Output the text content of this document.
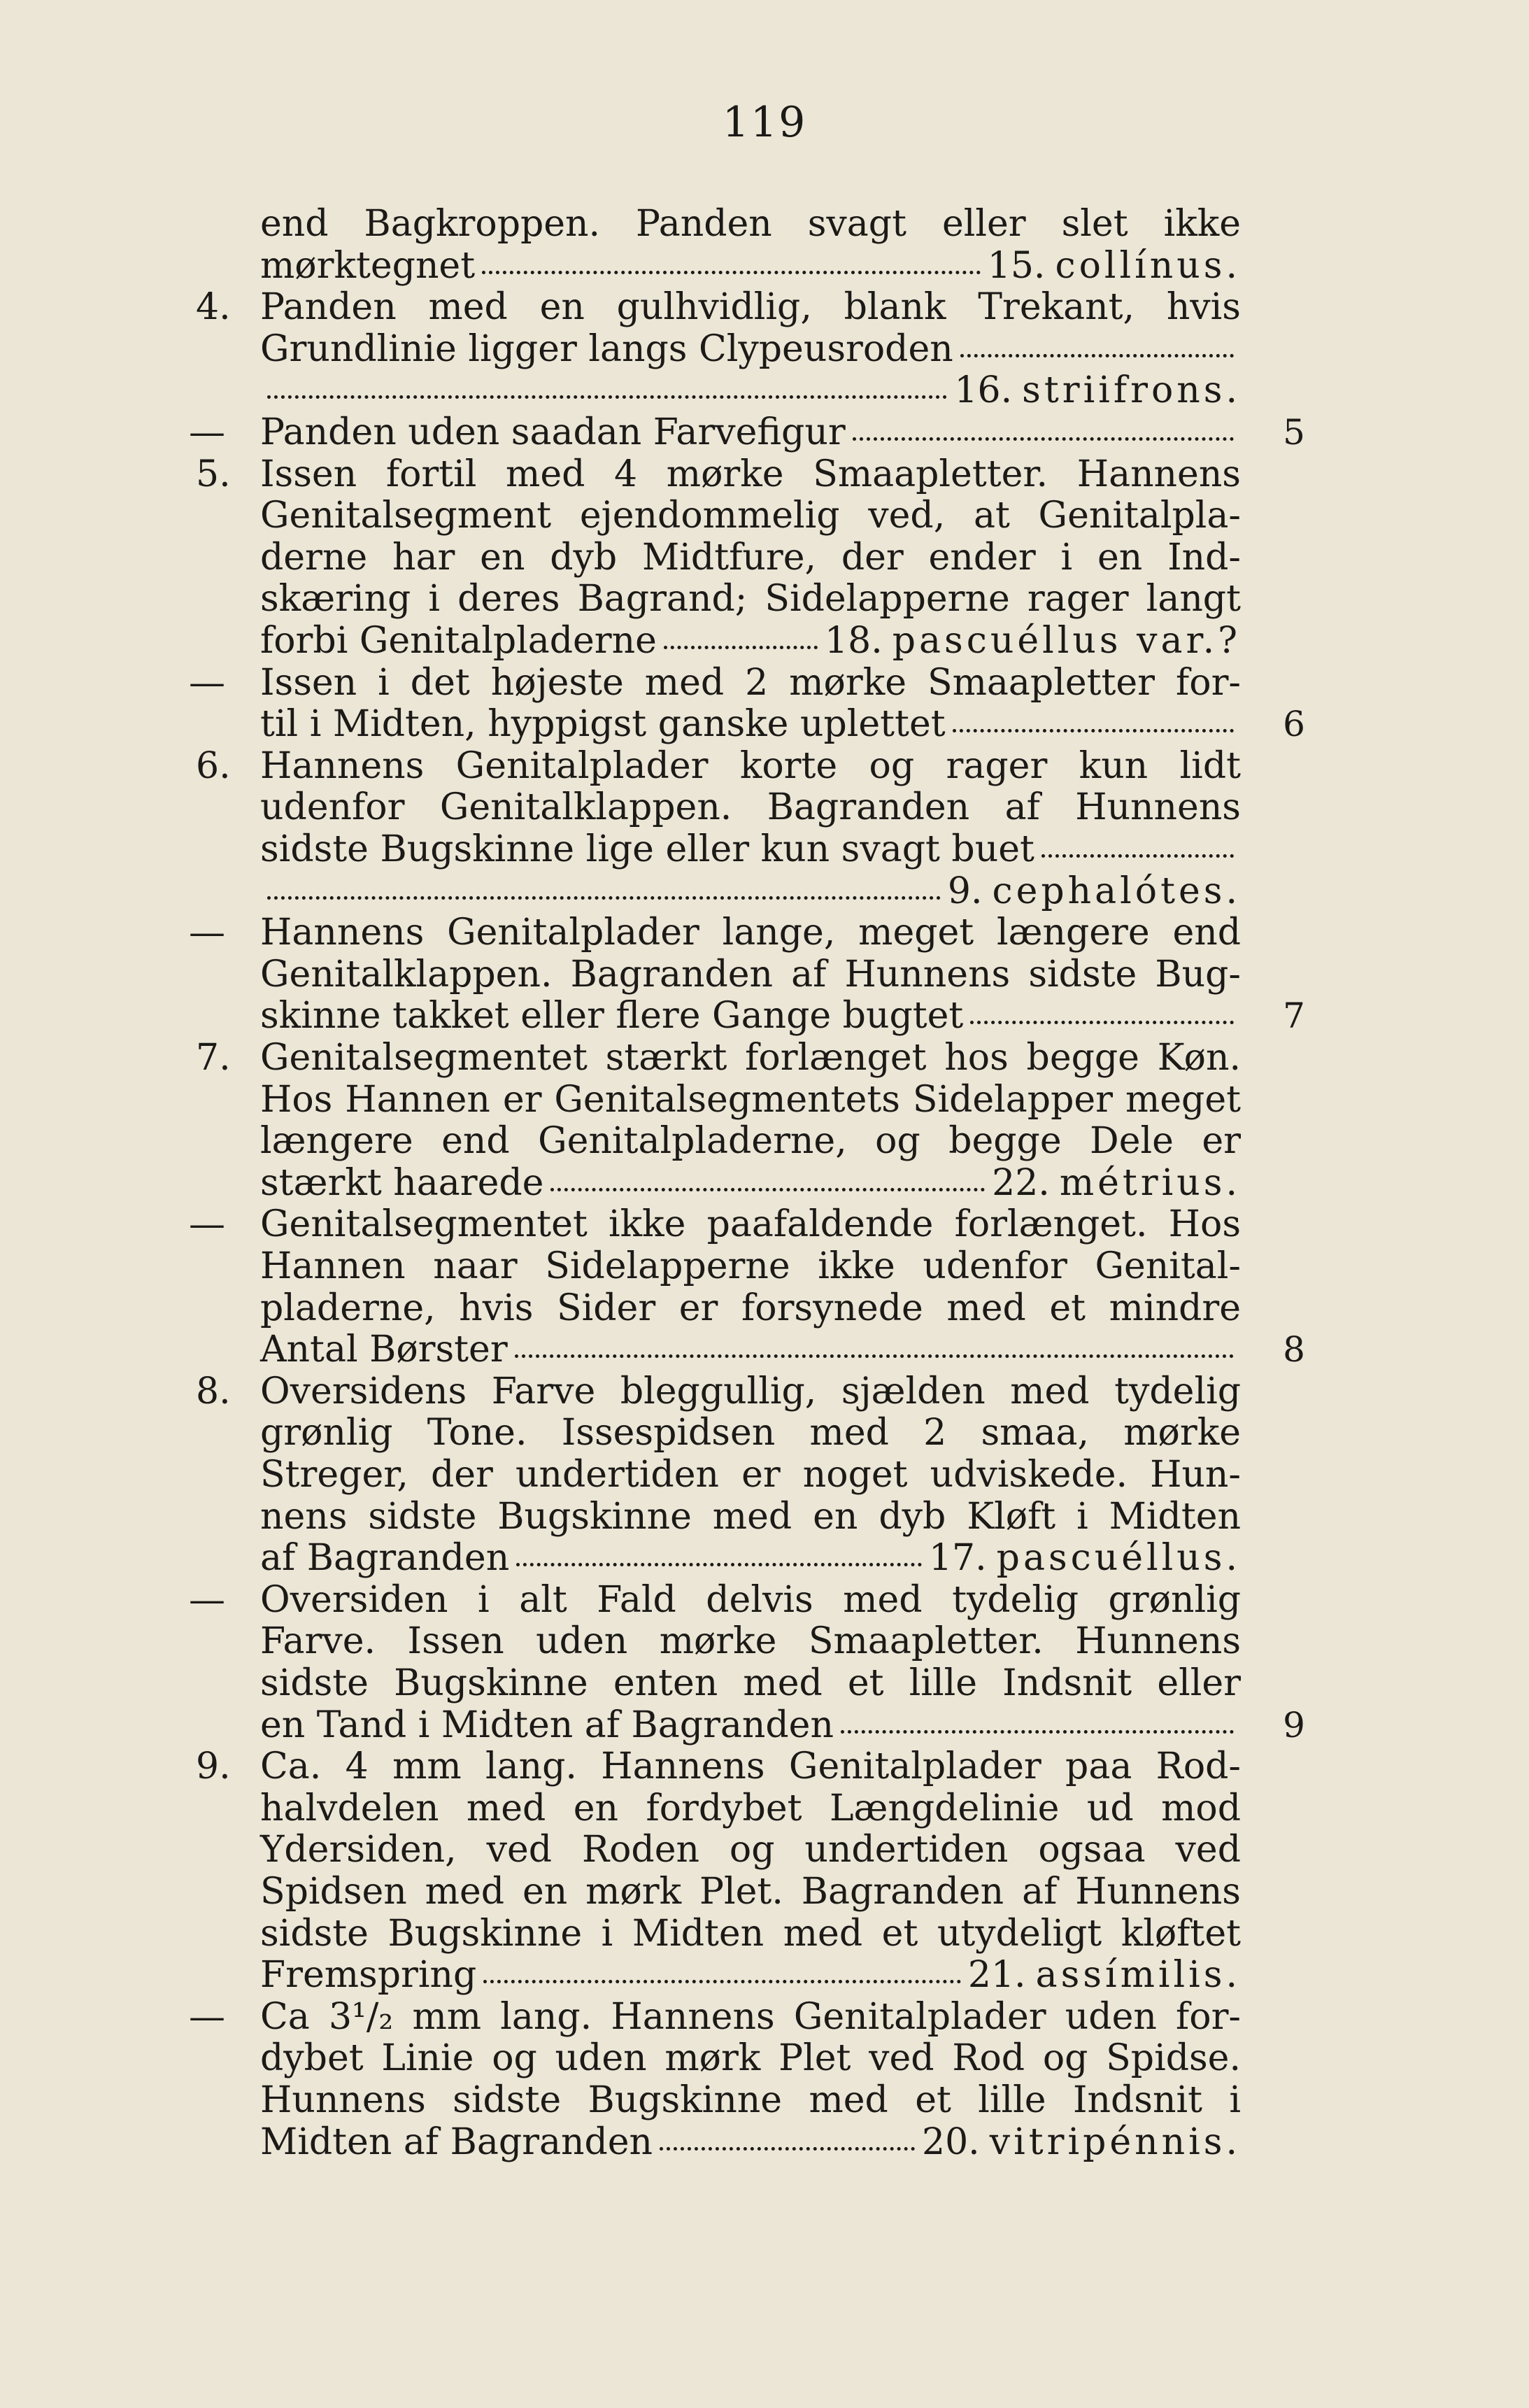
119
end Bagkroppen. Panden svagt eller slet ikke
mørktegnet	15. collínus.
4. Panden med en gulhvidlig, blank Trekant, hvis
Grundlinie ligger langs Clypeusroden
16. striifrons.
— Panden uden saadan Farvefigur	5
5. Issen fortil med 4 mørke Smaapletter. Hannens
Genitalsegment ejendommelig ved, at Genitalpla-
derne har en dyb Midtfure, der ender i en Ind-
skæring i deres Bagrand; Sidelapperne rager langt
forbi Genitalpladerne	18. pascuéllus var.?
— Issen i det højeste med 2 mørke Smaapletter for-
til i Midten, hyppigst ganske uplettet	6
6. Hannens Genitalplader korte og rager kun lidt
udenfor Genitalklappen. Bagranden af Hunnens
sidste Bugskinne lige eller kun svagt buet
9. cephalótes.
— Hannens Genitalplader lange, meget længere end
Genitalklappen. Bagranden af Hunnens sidste Bug-
skinne takket eller flere Gange bugtet	7
7. Genitalsegmentet stærkt forlænget hos begge Køn.
Hos Hannen er Genitalsegmentets Sidelapper meget
længere end Genitalpladerne, og begge Dele er
stærkt haarede	22. métrius.
— Genitalsegmentet ikke paafaldende forlænget. Hos
Hannen naar Sidelapperne ikke udenfor Genital-
pladerne, hvis Sider er forsynede med et mindre
Antal Børster	8
8. Oversidens Farve bleggullig, sjælden med tydelig
grønlig Tone. Issespidsen med 2 smaa, mørke
Streger, der undertiden er noget udviskede. Hun-
nens sidste Bugskinne med en dyb Kløft i Midten
af Bagranden	17. pascuéllus.
— Oversiden i alt Fald delvis med tydelig grønlig
Farve. Issen uden mørke Smaapletter. Hunnens
sidste Bugskinne enten med et lille Indsnit eller
en Tand i Midten af Bagranden	9
9. Ca. 4 mm lang. Hannens Genitalplader paa Rod-
halvdelen med en fordybet Længdelinie ud mod
Ydersiden, ved Roden og undertiden ogsaa ved
Spidsen med en mørk Plet. Bagranden af Hunnens
sidste Bugskinne i Midten med et utydeligt kløftet
Fremspring	21. assímilis.
— Ca 3¹/₂ mm lang. Hannens Genitalplader uden for-
dybet Linie og uden mørk Plet ved Rod og Spidse.
Hunnens sidste Bugskinne med et lille Indsnit i
Midten af Bagranden	20. vitripénnis.
